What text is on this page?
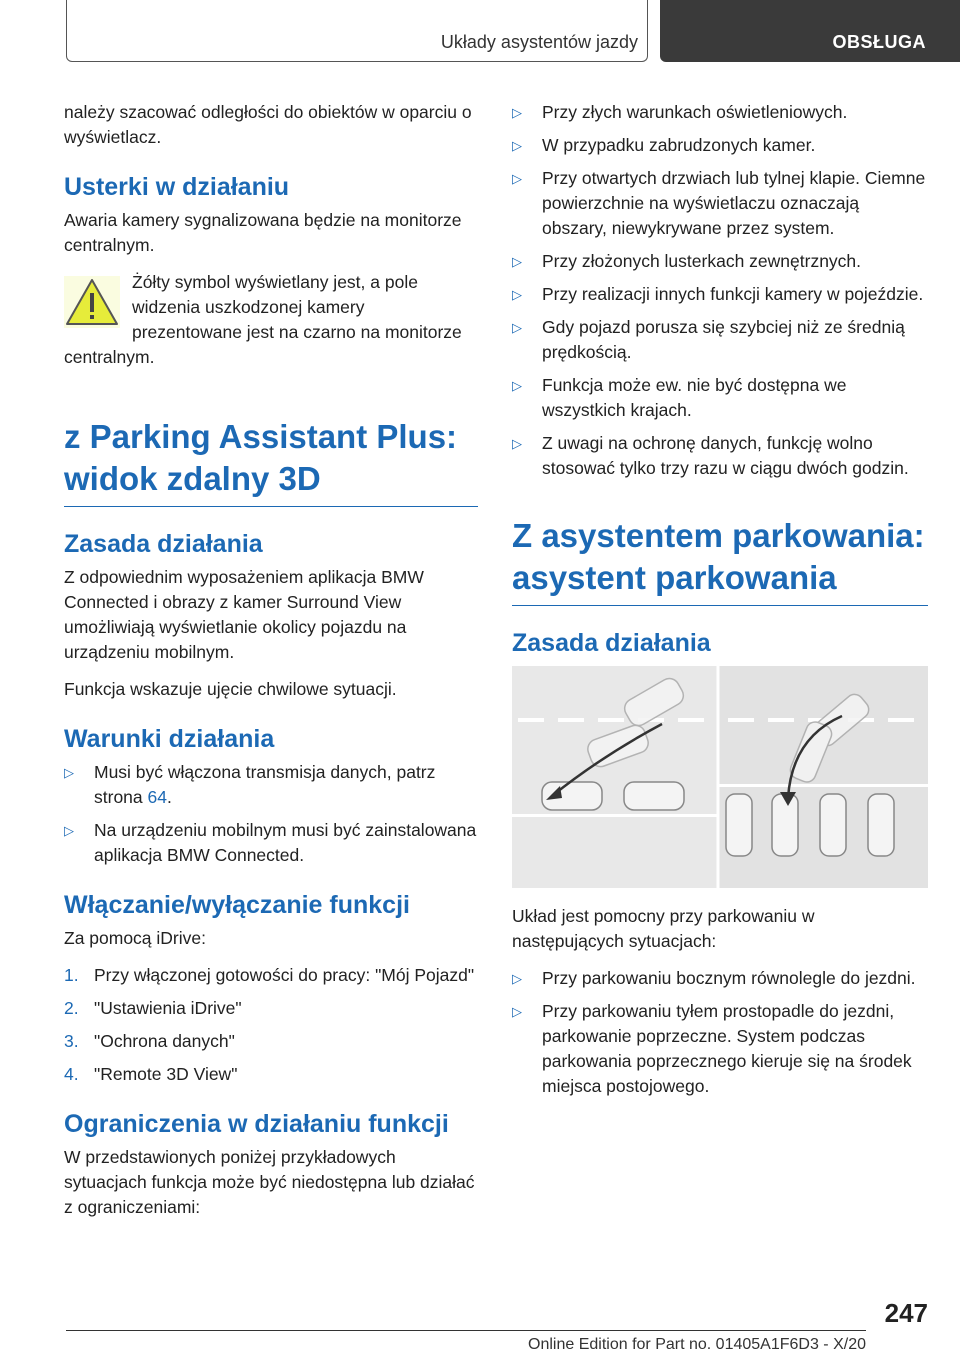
Układy asystentów jazdy	OBSŁUGA

należy szacować odległości do obiektów w oparciu o wyświetlacz.

Usterki w działaniu

Awaria kamery sygnalizowana będzie na monitorze centralnym.

Żółty symbol wyświetlany jest, a pole widzenia uszkodzonej kamery prezentowane jest na czarno na monitorze centralnym.

z Parking Assistant Plus: widok zdalny 3D
Zasada działania

Z odpowiednim wyposażeniem aplikacja BMW Connected i obrazy z kamer Surround View umożliwiają wyświetlanie okolicy pojazdu na urządzeniu mobilnym.

Funkcja wskazuje ujęcie chwilowe sytuacji.

Warunki działania
▷	Musi być włączona transmisja danych, patrz strona 64.
▷	Na urządzeniu mobilnym musi być zainstalowana aplikacja BMW Connected.
Włączanie/wyłączanie funkcji

Za pomocą iDrive:

1. Przy włączonej gotowości do pracy: "Mój Pojazd"
2. "Ustawienia iDrive"
3. "Ochrona danych"
4. "Remote 3D View"
Ograniczenia w działaniu funkcji

W przedstawionych poniżej przykładowych sytuacjach funkcja może być niedostępna lub działać z ograniczeniami:

▷	Przy złych warunkach oświetleniowych.
▷	W przypadku zabrudzonych kamer.
▷	Przy otwartych drzwiach lub tylnej klapie. Ciemne powierzchnie na wyświetlaczu oznaczają obszary, niewykrywane przez system.
▷	Przy złożonych lusterkach zewnętrznych.
▷	Przy realizacji innych funkcji kamery w pojeździe.
▷	Gdy pojazd porusza się szybciej niż ze średnią prędkością.
▷	Funkcja może ew. nie być dostępna we wszystkich krajach.
▷	Z uwagi na ochronę danych, funkcję wolno stosować tylko trzy razu w ciągu dwóch godzin.
Z asystentem parkowania: asystent parkowania
Zasada działania

Układ jest pomocny przy parkowaniu w następujących sytuacjach:

▷	Przy parkowaniu bocznym równolegle do jezdni.
▷	Przy parkowaniu tyłem prostopadle do jezdni, parkowanie poprzeczne. System podczas parkowania poprzecznego kieruje się na środek miejsca postojowego.
247
Online Edition for Part no. 01405A1F6D3 - X/20
